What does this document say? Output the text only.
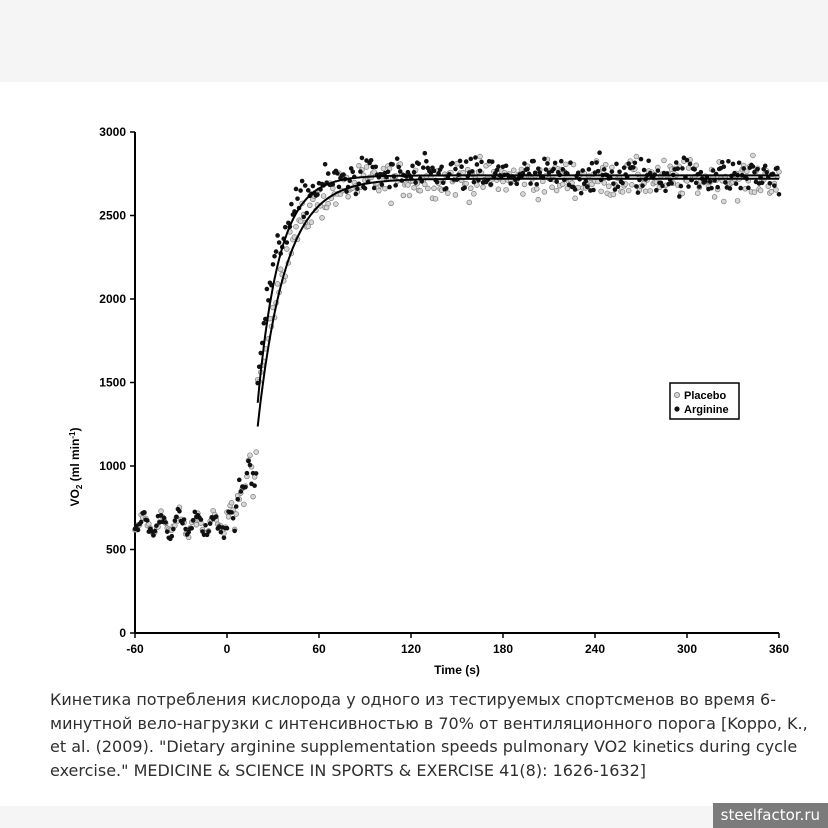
-60	0	60	120	180	240	300	360
0
500
1000
1500
2000
2500
3000
Time (s)
$VO_2$ (ml $\min^{-1}$)
Placebo
Arginine

Кинетика потребления кислорода у одного из тестируемых спортсменов во время 6-минутной вело-нагрузки с интенсивностью в 70% от вентиляционного порога [Koppo, K., et al. (2009). "Dietary arginine supplementation speeds pulmonary VO2 kinetics during cycle exercise." MEDICINE & SCIENCE IN SPORTS & EXERCISE 41(8): 1626-1632]

steelfactor.ru
